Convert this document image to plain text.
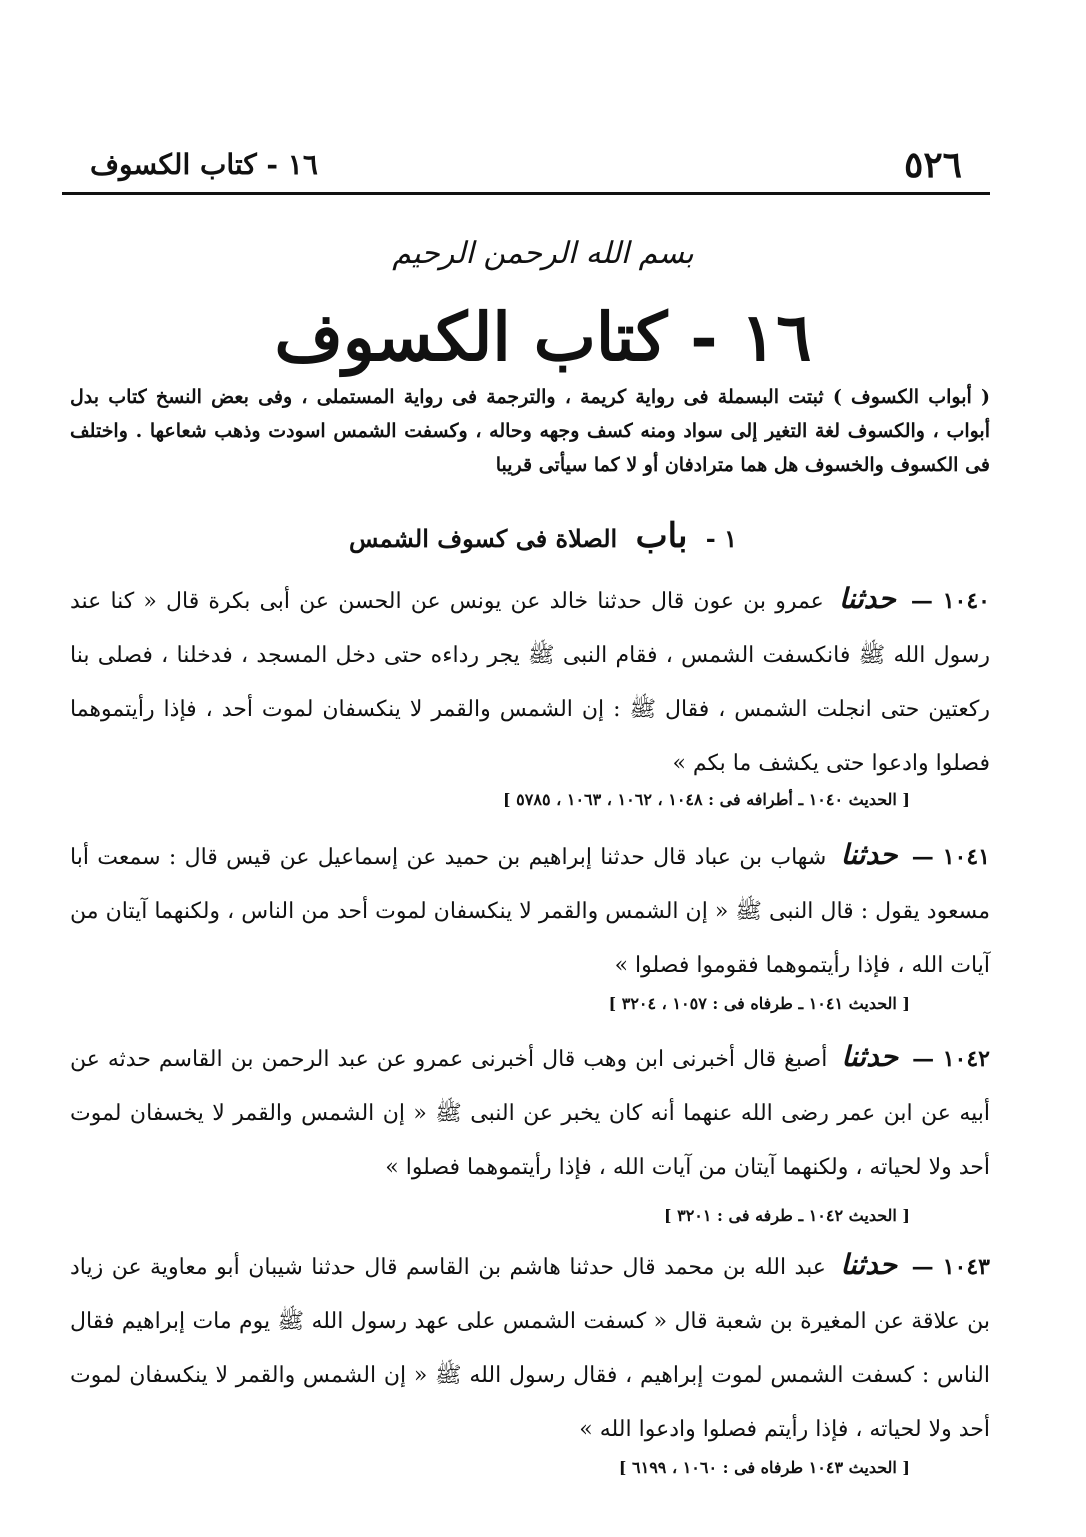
٥٢٦
١٦ - كتاب الكسوف
بسم الله الرحمن الرحيم
١٦ - كتاب الكسوف
( أبواب الكسوف ) ثبتت البسملة فى رواية كريمة ، والترجمة فى رواية المستملى ، وفى بعض النسخ كتاب بدل أبواب ، والكسوف لغة التغير إلى سواد ومنه كسف وجهه وحاله ، وكسفت الشمس اسودت وذهب شعاعها . واختلف فى الكسوف والخسوف هل هما مترادفان أو لا كما سيأتى قريبا
١ - باب الصلاة فى كسوف الشمس
١٠٤٠ — حدثنا عمرو بن عون قال حدثنا خالد عن يونس عن الحسن عن أبى بكرة قال « كنا عند رسول الله ﷺ فانكسفت الشمس ، فقام النبى ﷺ يجر رداءه حتى دخل المسجد ، فدخلنا ، فصلى بنا ركعتين حتى انجلت الشمس ، فقال ﷺ : إن الشمس والقمر لا ينكسفان لموت أحد ، فإذا رأيتموهما فصلوا وادعوا حتى يكشف ما بكم »
[ الحديث ١٠٤٠ ـ أطرافه فى : ١٠٤٨ ، ١٠٦٢ ، ١٠٦٣ ، ٥٧٨٥ ]
١٠٤١ — حدثنا شهاب بن عباد قال حدثنا إبراهيم بن حميد عن إسماعيل عن قيس قال : سمعت أبا مسعود يقول : قال النبى ﷺ « إن الشمس والقمر لا ينكسفان لموت أحد من الناس ، ولكنهما آيتان من آيات الله ، فإذا رأيتموهما فقوموا فصلوا »
[ الحديث ١٠٤١ ـ طرفاه فى : ١٠٥٧ ، ٣٢٠٤ ]
١٠٤٢ — حدثنا أصبغ قال أخبرنى ابن وهب قال أخبرنى عمرو عن عبد الرحمن بن القاسم حدثه عن أبيه عن ابن عمر رضى الله عنهما أنه كان يخبر عن النبى ﷺ « إن الشمس والقمر لا يخسفان لموت أحد ولا لحياته ، ولكنهما آيتان من آيات الله ، فإذا رأيتموهما فصلوا »
[ الحديث ١٠٤٢ ـ طرفه فى : ٣٢٠١ ]
١٠٤٣ — حدثنا عبد الله بن محمد قال حدثنا هاشم بن القاسم قال حدثنا شيبان أبو معاوية عن زياد بن علاقة عن المغيرة بن شعبة قال « كسفت الشمس على عهد رسول الله ﷺ يوم مات إبراهيم فقال الناس : كسفت الشمس لموت إبراهيم ، فقال رسول الله ﷺ « إن الشمس والقمر لا ينكسفان لموت أحد ولا لحياته ، فإذا رأيتم فصلوا وادعوا الله »
[ الحديث ١٠٤٣ طرفاه فى : ١٠٦٠ ، ٦١٩٩ ]
